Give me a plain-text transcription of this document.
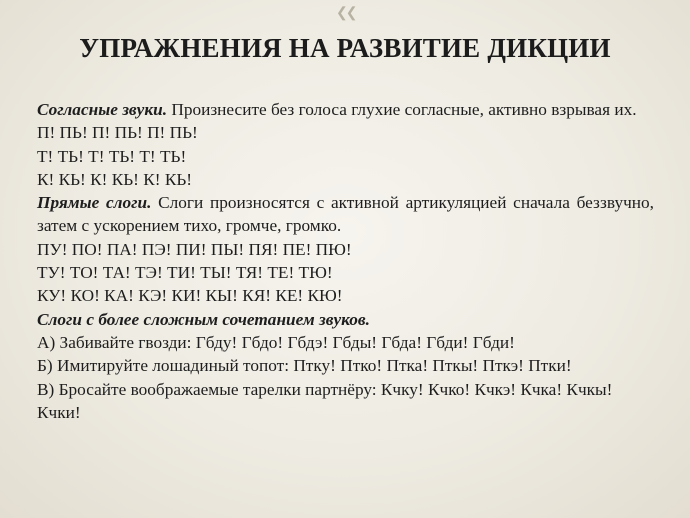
❮❮
УПРАЖНЕНИЯ НА РАЗВИТИЕ ДИКЦИИ

Согласные звуки. Произнесите без голоса глухие согласные, активно взрывая их.

П! ПЬ! П! ПЬ! П! ПЬ!

Т! ТЬ! Т! ТЬ! Т! ТЬ!

К! КЬ! К! КЬ! К! КЬ!

Прямые слоги. Слоги произносятся с активной артикуляцией сначала беззвучно, затем с ускорением тихо, громче, громко.

ПУ! ПО! ПА! ПЭ! ПИ! ПЫ! ПЯ! ПЕ! ПЮ!

ТУ! ТО! ТА! ТЭ! ТИ! ТЫ! ТЯ! ТЕ! ТЮ!

КУ! КО! КА! КЭ! КИ! КЫ! КЯ! КЕ! КЮ!

Слоги с более сложным сочетанием звуков.

А) Забивайте гвозди: Гбду! Гбдо! Гбдэ! Гбды! Гбда! Гбди! Гбди!

Б) Имитируйте лошадиный топот: Птку! Птко! Птка! Пткы! Пткэ! Птки!

В) Бросайте воображаемые тарелки партнёру: Кчку! Кчко! Кчкэ! Кчка! Кчкы! Кчки!
